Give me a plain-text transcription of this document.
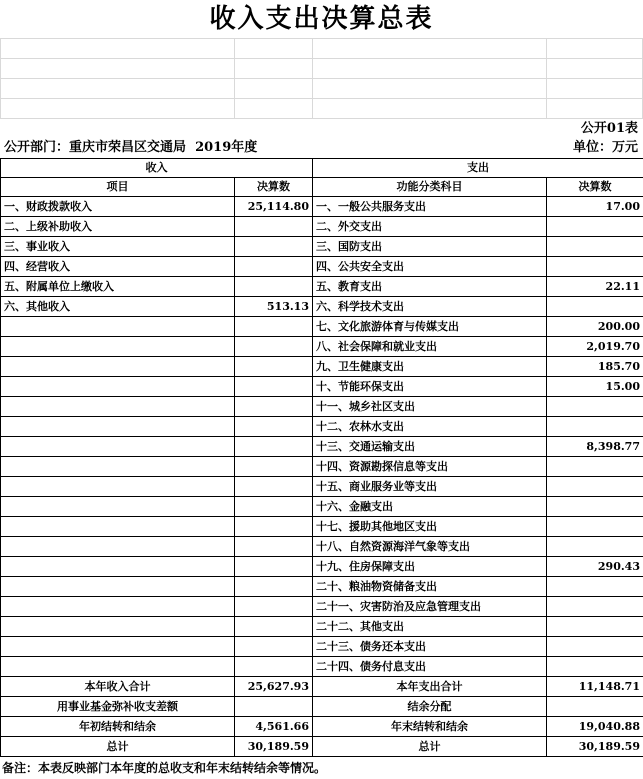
收入支出决算总表

公开01表
公开部门：重庆市荣昌区交通局 2019年度	单位：万元
收入		支出	
项目	决算数	功能分类科目	决算数
一、财政拨款收入	25,114.80	一、一般公共服务支出	17.00
二、上级补助收入		二、外交支出	
三、事业收入		三、国防支出	
四、经营收入		四、公共安全支出	
五、附属单位上缴收入		五、教育支出	22.11
六、其他收入	513.13	六、科学技术支出	
		七、文化旅游体育与传媒支出	200.00
		八、社会保障和就业支出	2,019.70
		九、卫生健康支出	185.70
		十、节能环保支出	15.00
		十一、城乡社区支出	
		十二、农林水支出	
		十三、交通运输支出	8,398.77
		十四、资源勘探信息等支出	
		十五、商业服务业等支出	
		十六、金融支出	
		十七、援助其他地区支出	
		十八、自然资源海洋气象等支出	
		十九、住房保障支出	290.43
		二十、粮油物资储备支出	
		二十一、灾害防治及应急管理支出	
		二十二、其他支出	
		二十三、债务还本支出	
		二十四、债务付息支出	
本年收入合计	25,627.93	本年支出合计	11,148.71
用事业基金弥补收支差额		结余分配	
年初结转和结余	4,561.66	年末结转和结余	19,040.88
总计	30,189.59	总计	30,189.59
备注：本表反映部门本年度的总收支和年末结转结余等情况。
